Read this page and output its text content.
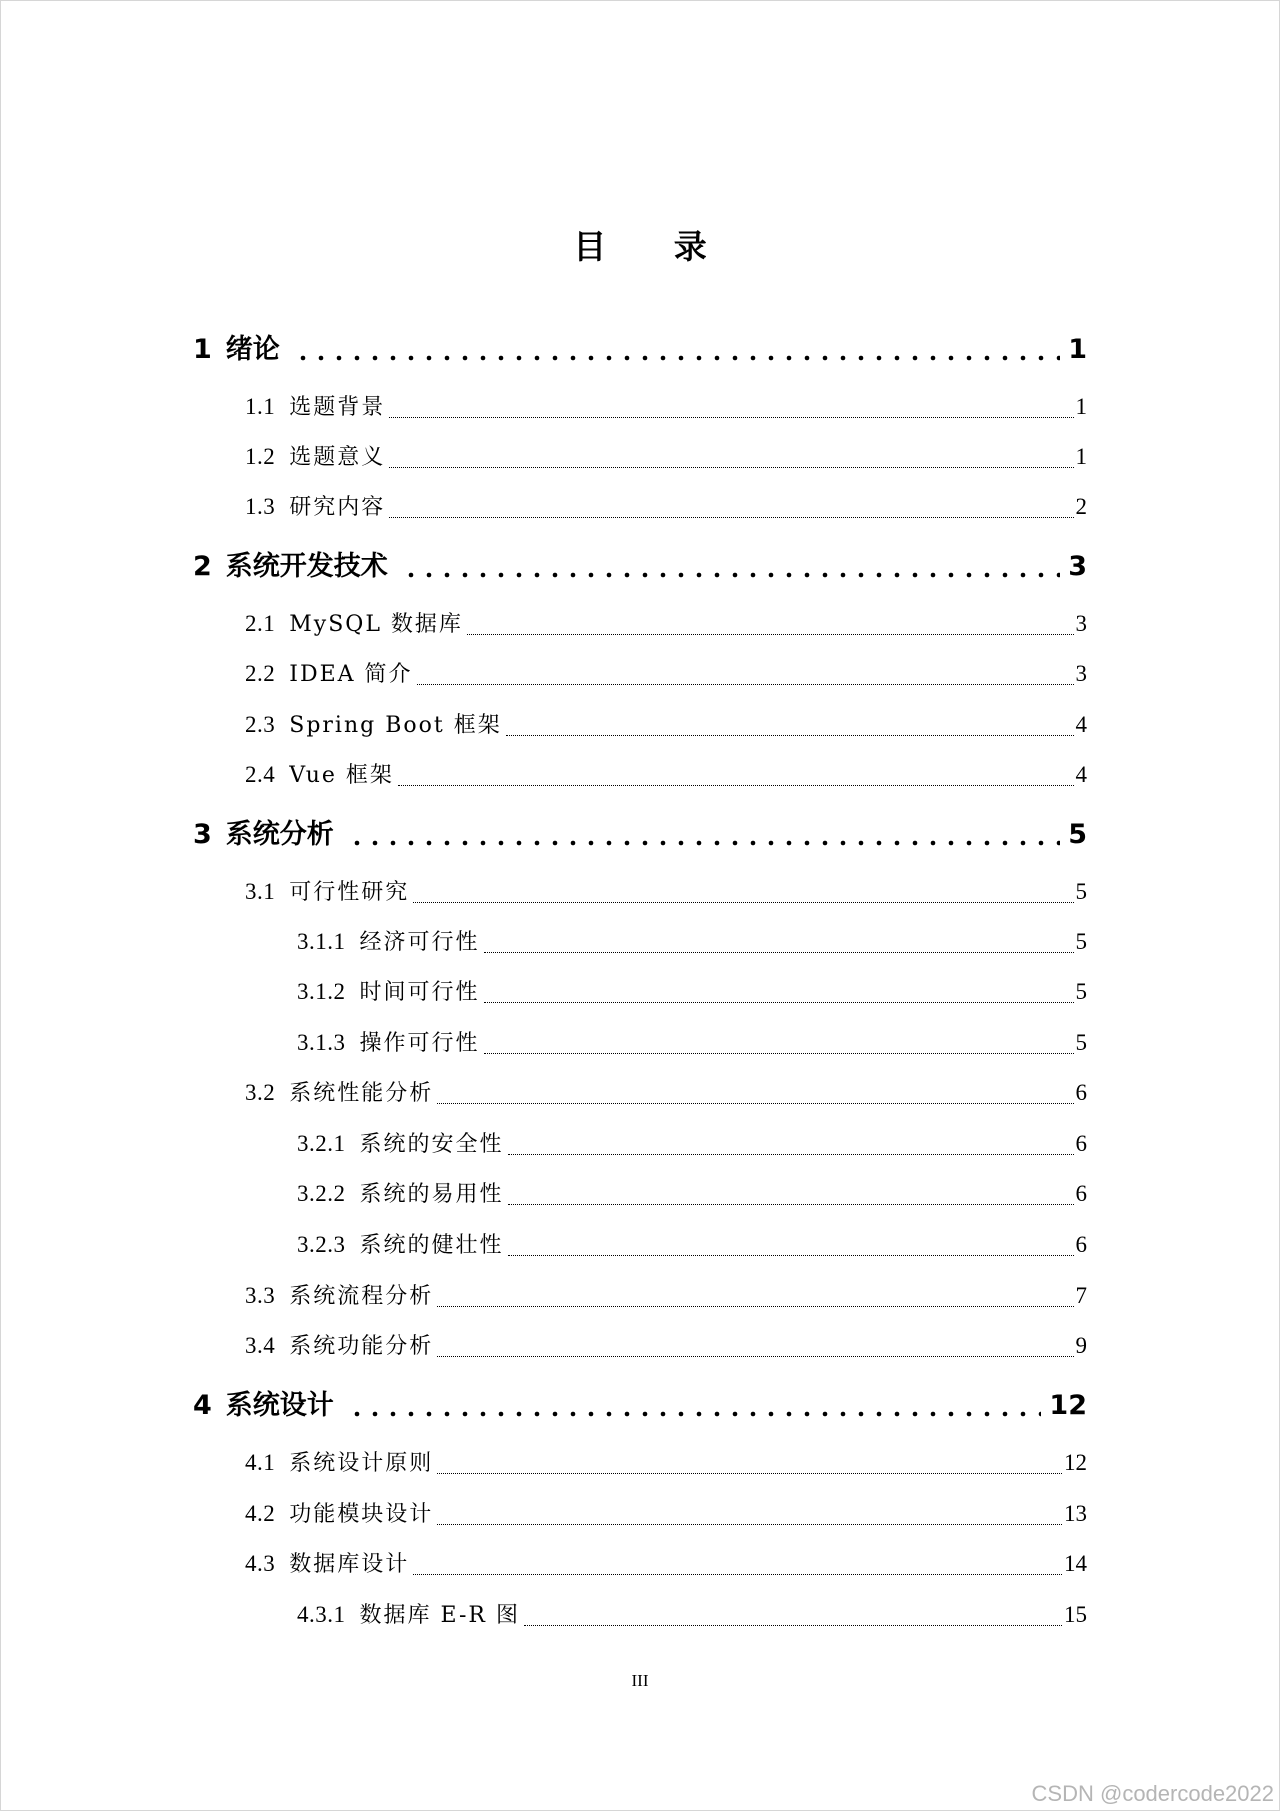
目 录
1 绪论	1
1.1 选题背景	1
1.2 选题意义	1
1.3 研究内容	2
2 系统开发技术	3
2.1 MySQL 数据库	3
2.2 IDEA 简介	3
2.3 Spring Boot 框架	4
2.4 Vue 框架	4
3 系统分析	5
3.1 可行性研究	5
3.1.1 经济可行性	5
3.1.2 时间可行性	5
3.1.3 操作可行性	5
3.2 系统性能分析	6
3.2.1 系统的安全性	6
3.2.2 系统的易用性	6
3.2.3 系统的健壮性	6
3.3 系统流程分析	7
3.4 系统功能分析	9
4 系统设计	12
4.1 系统设计原则	12
4.2 功能模块设计	13
4.3 数据库设计	14
4.3.1 数据库 E-R 图	15
III
CSDN @codercode2022
